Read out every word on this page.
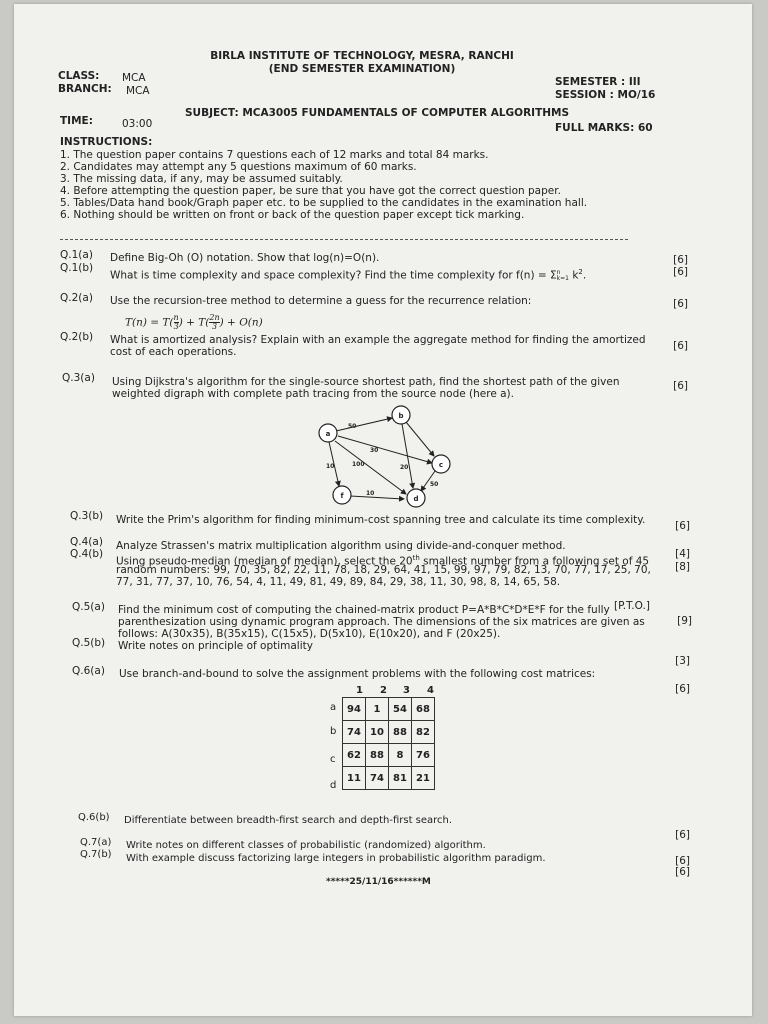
BIRLA INSTITUTE OF TECHNOLOGY, MESRA, RANCHI
(END SEMESTER EXAMINATION)
CLASS: MCA
BRANCH: MCA
SEMESTER : III
SESSION : MO/16
SUBJECT: MCA3005 FUNDAMENTALS OF COMPUTER ALGORITHMS
TIME:	03:00	FULL MARKS: 60
INSTRUCTIONS:
1. The question paper contains 7 questions each of 12 marks and total 84 marks.
2. Candidates may attempt any 5 questions maximum of 60 marks.
3. The missing data, if any, may be assumed suitably.
4. Before attempting the question paper, be sure that you have got the correct question paper.
5. Tables/Data hand book/Graph paper etc. to be supplied to the candidates in the examination hall.
6. Nothing should be written on front or back of the question paper except tick marking.
Q.1(a) Define Big-Oh (O) notation. Show that log(n)=O(n).	[6]
Q.1(b)
What is time complexity and space complexity? Find the time complexity for f(n) = Σ n
k=1 $k^2$.	[6]
Q.2(a) Use the recursion-tree method to determine a guess for the recurrence relation:	[6]
$T(n) = T( \frac{n}{3}$ ) + $T( \frac{2n}{3}$ ) + O(n)
Q.2(b) What is amortized analysis? Explain with an example the aggregate method for finding the amortized
cost of each operations.	[6]
Q.3(a) Using Dijkstra's algorithm for the single-source shortest path, find the shortest path of the given
weighted digraph with complete path tracing from the source node (here a).
[6]
a
b
c
d
f
50
10	100
30
20
50
10
Q.3(b) Write the Prim's algorithm for finding minimum-cost spanning tree and calculate its time complexity.	[6]
Q.4(a) Analyze Strassen's matrix multiplication algorithm using divide-and-conquer method.
[4]
Q.4(b)
Using pseudo-median (median of median), select the 20th smallest number from a following set of 45
random numbers: 99, 70, 35, 82, 22, 11, 78, 18, 29, 64, 41, 15, 99, 97, 79, 82, 13, 70, 77, 17, 25, 70,
77, 31, 77, 37, 10, 76, 54, 4, 11, 49, 81, 49, 89, 84, 29, 38, 11, 30, 98, 8, 14, 65, 58.
[8]
[P.T.O.]
Q.5(a) Find the minimum cost of computing the chained-matrix product P=A*B*C*D*E*F for the fully
parenthesization using dynamic program approach. The dimensions of the six matrices are given as
follows: A(30x35), B(35x15), C(15x5), D(5x10), E(10x20), and F (20x25).
[9]
Q.5(b) Write notes on principle of optimality
[3]
Q.6(a) Use branch-and-bound to solve the assignment problems with the following cost matrices:
[6]
1 2 3 4
a
b
c
d
94	1	54	68
74	10	88	82
62	88	8	76
11	74	81	21
Q.6(b) Differentiate between breadth-first search and depth-first search.
[6]
Q.7(a) Write notes on different classes of probabilistic (randomized) algorithm.
Q.7(b) With example discuss factorizing large integers in probabilistic algorithm paradigm.	[6]
[6]
*****25/11/16******M
